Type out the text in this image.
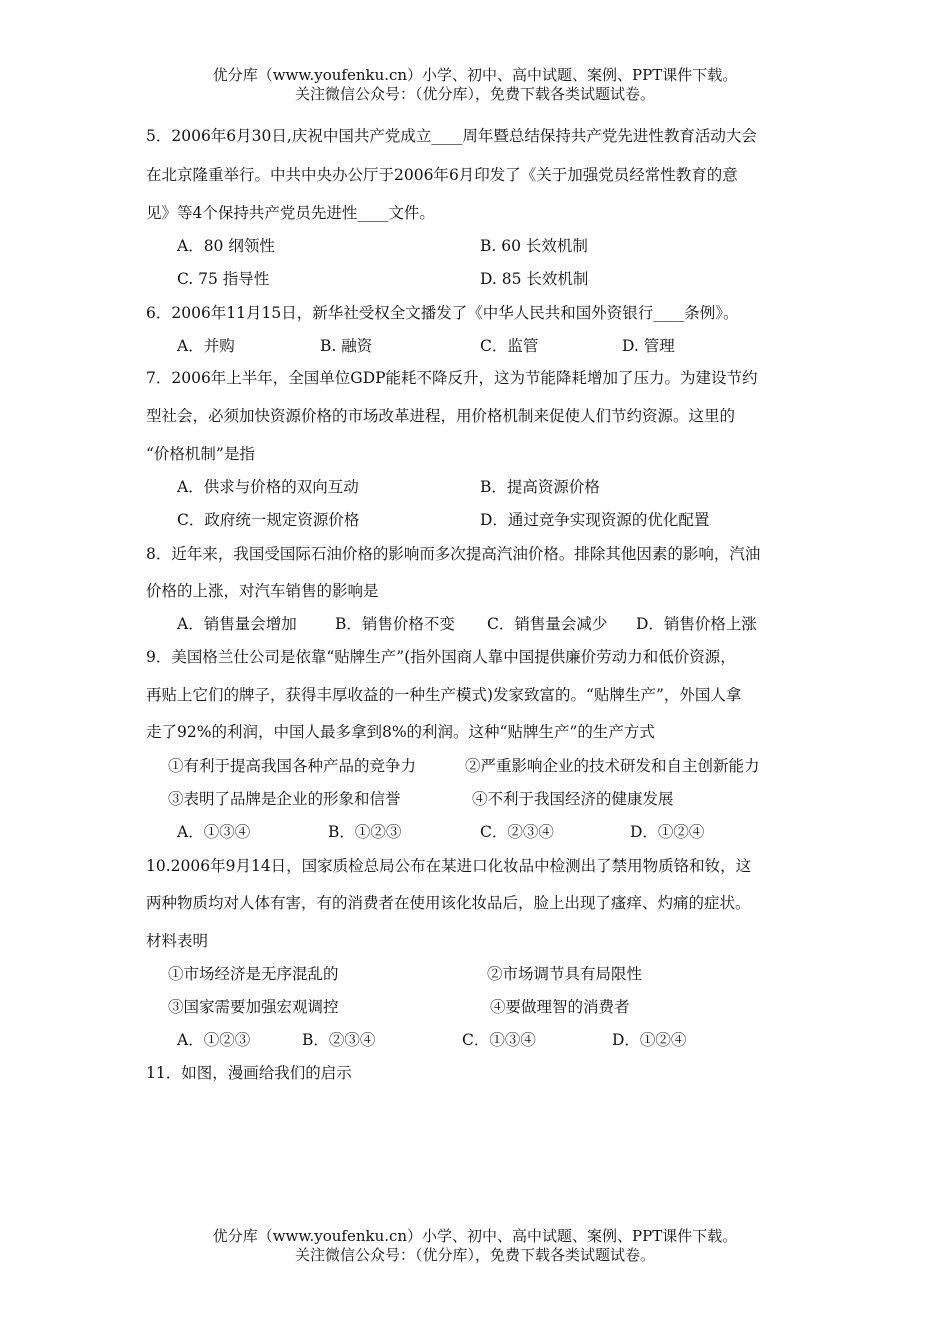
优分库（www.youfenku.cn）小学、初中、高中试题、案例、PPT课件下载。
关注微信公众号：（优分库），免费下载各类试题试卷。
5．2006年6月30日,庆祝中国共产党成立____周年暨总结保持共产党先进性教育活动大会
在北京隆重举行。中共中央办公厅于2006年6月印发了《关于加强党员经常性教育的意
见》等4个保持共产党员先进性____文件。
A．80 纲领性	B. 60 长效机制
C. 75 指导性	D. 85 长效机制
6．2006年11月15日，新华社受权全文播发了《中华人民共和国外资银行____条例》。
A．并购	B. 融资	C．监管	D. 管理
7．2006年上半年，全国单位GDP能耗不降反升，这为节能降耗增加了压力。为建设节约
型社会，必须加快资源价格的市场改革进程，用价格机制来促使人们节约资源。这里的
“价格机制”是指
A．供求与价格的双向互动	B．提高资源价格
C．政府统一规定资源价格	D．通过竞争实现资源的优化配置
8．近年来，我国受国际石油价格的影响而多次提高汽油价格。排除其他因素的影响，汽油
价格的上涨，对汽车销售的影响是
A．销售量会增加 B．销售价格不变 C．销售量会减少 D．销售价格上涨
9．美国格兰仕公司是依靠“贴牌生产”(指外国商人靠中国提供廉价劳动力和低价资源，
再贴上它们的牌子，获得丰厚收益的一种生产模式)发家致富的。“贴牌生产”，外国人拿
走了92%的利润，中国人最多拿到8%的利润。这种“贴牌生产”的生产方式
①有利于提高我国各种产品的竞争力	②严重影响企业的技术研发和自主创新能力
③表明了品牌是企业的形象和信誉	④不利于我国经济的健康发展
A．①③④	B．①②③	C．②③④	D．①②④
10.2006年9月14日，国家质检总局公布在某进口化妆品中检测出了禁用物质铬和钕，这
两种物质均对人体有害，有的消费者在使用该化妆品后，脸上出现了瘙痒、灼痛的症状。
材料表明
①市场经济是无序混乱的	②市场调节具有局限性
③国家需要加强宏观调控	④要做理智的消费者
A．①②③	B．②③④	C．①③④	D．①②④
11．如图，漫画给我们的启示
优分库（www.youfenku.cn）小学、初中、高中试题、案例、PPT课件下载。
关注微信公众号：（优分库），免费下载各类试题试卷。
